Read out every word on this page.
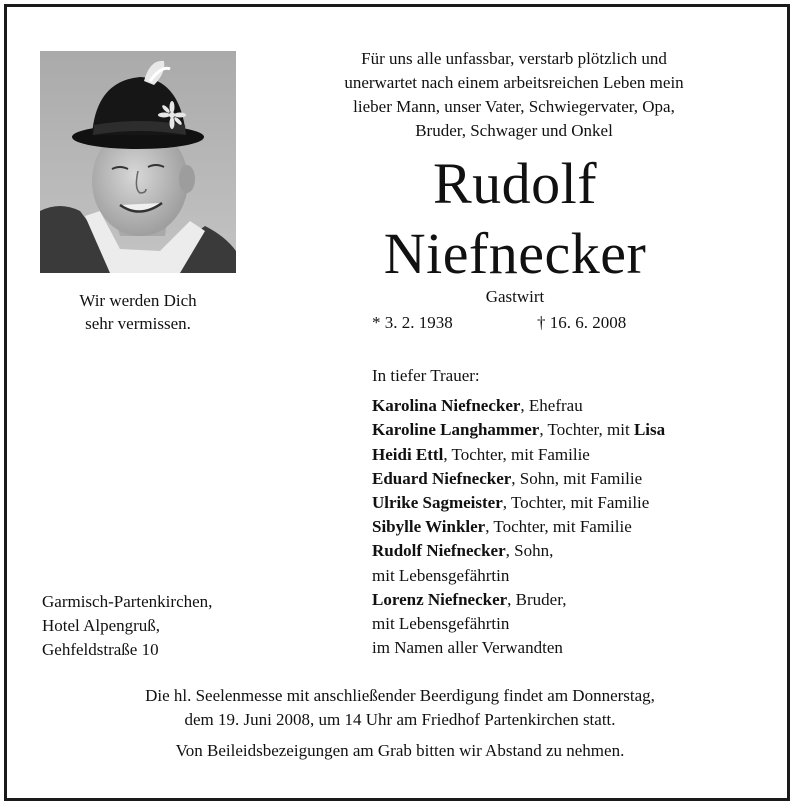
Wir werden Dich
sehr vermissen.
Für uns alle unfassbar, verstarb plötzlich und
unerwartet nach einem arbeitsreichen Leben mein
lieber Mann, unser Vater, Schwiegervater, Opa,
Bruder, Schwager und Onkel
Rudolf
Niefnecker
Gastwirt
* 3. 2. 1938	† 16. 6. 2008
In tiefer Trauer:
Karolina Niefnecker, Ehefrau
Karoline Langhammer, Tochter, mit Lisa
Heidi Ettl, Tochter, mit Familie
Eduard Niefnecker, Sohn, mit Familie
Ulrike Sagmeister, Tochter, mit Familie
Sibylle Winkler, Tochter, mit Familie
Rudolf Niefnecker, Sohn,
mit Lebensgefährtin
Lorenz Niefnecker, Bruder,
mit Lebensgefährtin
im Namen aller Verwandten
Garmisch-Partenkirchen,
Hotel Alpengruß,
Gehfeldstraße 10
Die hl. Seelenmesse mit anschließender Beerdigung findet am Donnerstag,
dem 19. Juni 2008, um 14 Uhr am Friedhof Partenkirchen statt.
Von Beileidsbezeigungen am Grab bitten wir Abstand zu nehmen.
